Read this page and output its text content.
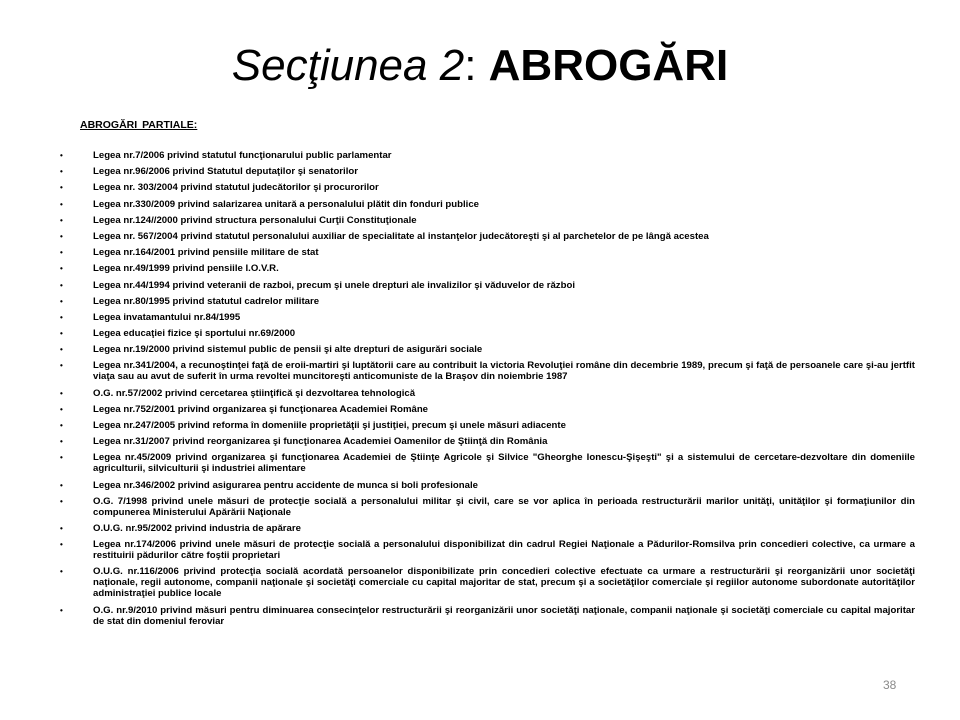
Secţiunea 2: ABROGĂRI
ABROGĂRI PARTIALE:
•	Legea nr.7/2006 privind statutul funcţionarului public parlamentar
•	Legea nr.96/2006 privind Statutul deputaţilor şi senatorilor
•	Legea nr. 303/2004 privind statutul judecătorilor şi procurorilor
•	Legea nr.330/2009 privind salarizarea unitară a personalului plătit din fonduri publice
•	Legea nr.124//2000 privind structura personalului Curţii Constituţionale
•	Legea nr. 567/2004 privind statutul personalului auxiliar de specialitate al instanţelor judecătoreşti şi al parchetelor de pe lângă acestea
•	Legea nr.164/2001 privind pensiile militare de stat
•	Legea nr.49/1999 privind pensiile I.O.V.R.
•	Legea nr.44/1994 privind veteranii de razboi, precum şi unele drepturi ale invalizilor şi văduvelor de război
•	Legea nr.80/1995 privind statutul cadrelor militare
•	Legea invatamantului nr.84/1995
•	Legea educaţiei fizice şi sportului nr.69/2000
•	Legea nr.19/2000 privind sistemul public de pensii şi alte drepturi de asigurări sociale
•	Legea nr.341/2004, a recunoştinţei faţă de eroii-martiri şi luptătorii care au contribuit la victoria Revoluţiei române din decembrie 1989, precum şi faţă de persoanele care şi-au jertfit viaţa sau au avut de suferit în urma revoltei muncitoreşti anticomuniste de la Braşov din noiembrie 1987
•	O.G. nr.57/2002 privind cercetarea ştiinţifică şi dezvoltarea tehnologică
•	Legea nr.752/2001 privind organizarea şi funcţionarea Academiei Române
•	Legea nr.247/2005 privind reforma în domeniile proprietăţii şi justiţiei, precum şi unele măsuri adiacente
•	Legea nr.31/2007 privind reorganizarea şi funcţionarea Academiei Oamenilor de Ştiinţă din România
•	Legea nr.45/2009 privind organizarea şi funcţionarea Academiei de Ştiinţe Agricole şi Silvice "Gheorghe Ionescu-Şişeşti" şi a sistemului de cercetare-dezvoltare din domeniile agriculturii, silviculturii şi industriei alimentare
•	Legea nr.346/2002 privind asigurarea pentru accidente de munca si boli profesionale
•	O.G. 7/1998 privind unele măsuri de protecţie socială a personalului militar şi civil, care se vor aplica în perioada restructurării marilor unităţi, unităţilor şi formaţiunilor din compunerea Ministerului Apărării Naţionale
•	O.U.G. nr.95/2002 privind industria de apărare
•	Legea nr.174/2006 privind unele măsuri de protecţie socială a personalului disponibilizat din cadrul Regiei Naţionale a Pădurilor-Romsilva prin concedieri colective, ca urmare a restituirii pădurilor către foştii proprietari
•	O.U.G. nr.116/2006 privind protecţia socială acordată persoanelor disponibilizate prin concedieri colective efectuate ca urmare a restructurării şi reorganizării unor societăţi naţionale, regii autonome, companii naţionale şi societăţi comerciale cu capital majoritar de stat, precum şi a societăţilor comerciale şi regiilor autonome subordonate autorităţilor administraţiei publice locale
•	O.G. nr.9/2010 privind măsuri pentru diminuarea consecinţelor restructurării şi reorganizării unor societăţi naţionale, companii naţionale şi societăţi comerciale cu capital majoritar de stat din domeniul feroviar
38
